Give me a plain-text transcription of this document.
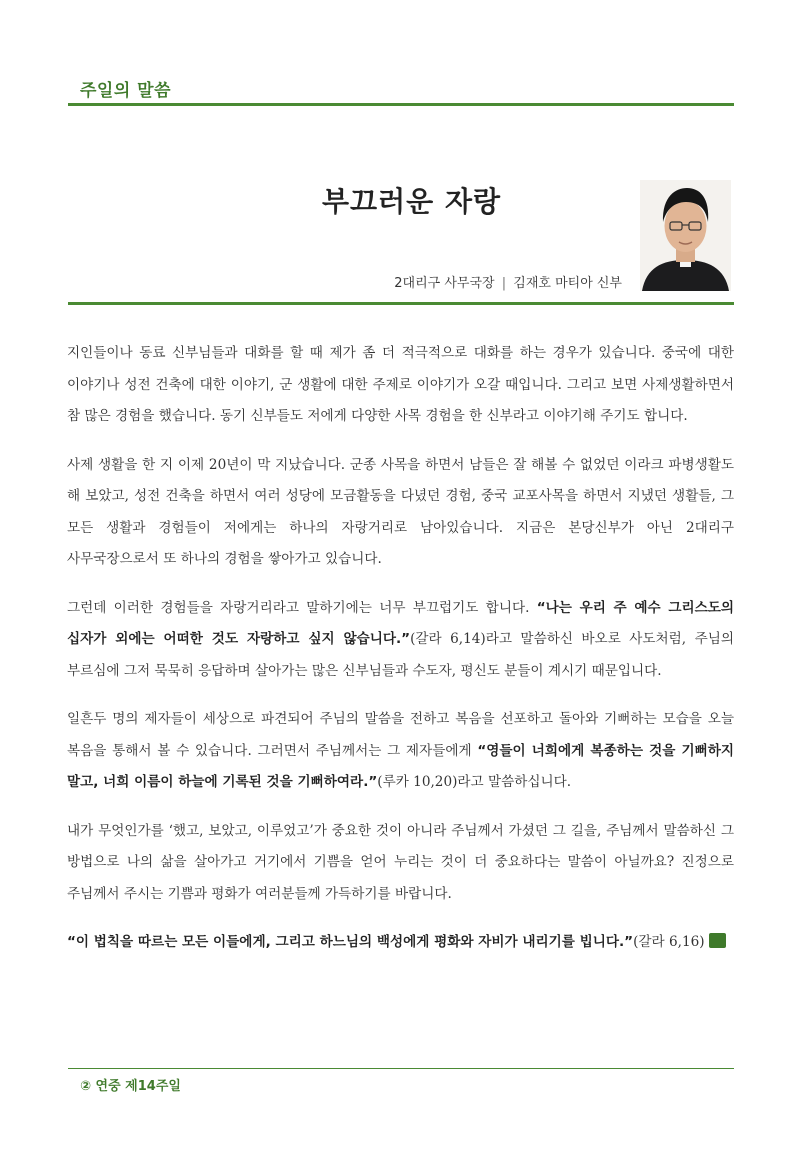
주일의 말씀
부끄러운 자랑
2대리구 사무국장 | 김재호 마티아 신부

지인들이나 동료 신부님들과 대화를 할 때 제가 좀 더 적극적으로 대화를 하는 경우가 있습니다. 중국에 대한 이야기나 성전 건축에 대한 이야기, 군 생활에 대한 주제로 이야기가 오갈 때입니다. 그리고 보면 사제생활하면서 참 많은 경험을 했습니다. 동기 신부들도 저에게 다양한 사목 경험을 한 신부라고 이야기해 주기도 합니다.

사제 생활을 한 지 이제 20년이 막 지났습니다. 군종 사목을 하면서 남들은 잘 해볼 수 없었던 이라크 파병생활도 해 보았고, 성전 건축을 하면서 여러 성당에 모금활동을 다녔던 경험, 중국 교포사목을 하면서 지냈던 생활들, 그 모든 생활과 경험들이 저에게는 하나의 자랑거리로 남아있습니다. 지금은 본당신부가 아닌 2대리구 사무국장으로서 또 하나의 경험을 쌓아가고 있습니다.

그런데 이러한 경험들을 자랑거리라고 말하기에는 너무 부끄럽기도 합니다. “나는 우리 주 예수 그리스도의 십자가 외에는 어떠한 것도 자랑하고 싶지 않습니다.”(갈라 6,14)라고 말씀하신 바오로 사도처럼, 주님의 부르심에 그저 묵묵히 응답하며 살아가는 많은 신부님들과 수도자, 평신도 분들이 계시기 때문입니다.

일흔두 명의 제자들이 세상으로 파견되어 주님의 말씀을 전하고 복음을 선포하고 돌아와 기뻐하는 모습을 오늘 복음을 통해서 볼 수 있습니다. 그러면서 주님께서는 그 제자들에게 “영들이 너희에게 복종하는 것을 기뻐하지 말고, 너희 이름이 하늘에 기록된 것을 기뻐하여라.”(루카 10,20)라고 말씀하십니다.

내가 무엇인가를 ‘했고, 보았고, 이루었고’가 중요한 것이 아니라 주님께서 가셨던 그 길을, 주님께서 말씀하신 그 방법으로 나의 삶을 살아가고 거기에서 기쁨을 얻어 누리는 것이 더 중요하다는 말씀이 아닐까요? 진정으로 주님께서 주시는 기쁨과 평화가 여러분들께 가득하기를 바랍니다.

“이 법칙을 따르는 모든 이들에게, 그리고 하느님의 백성에게 평화와 자비가 내리기를 빕니다.”(갈라 6,16)

② 연중 제14주일
